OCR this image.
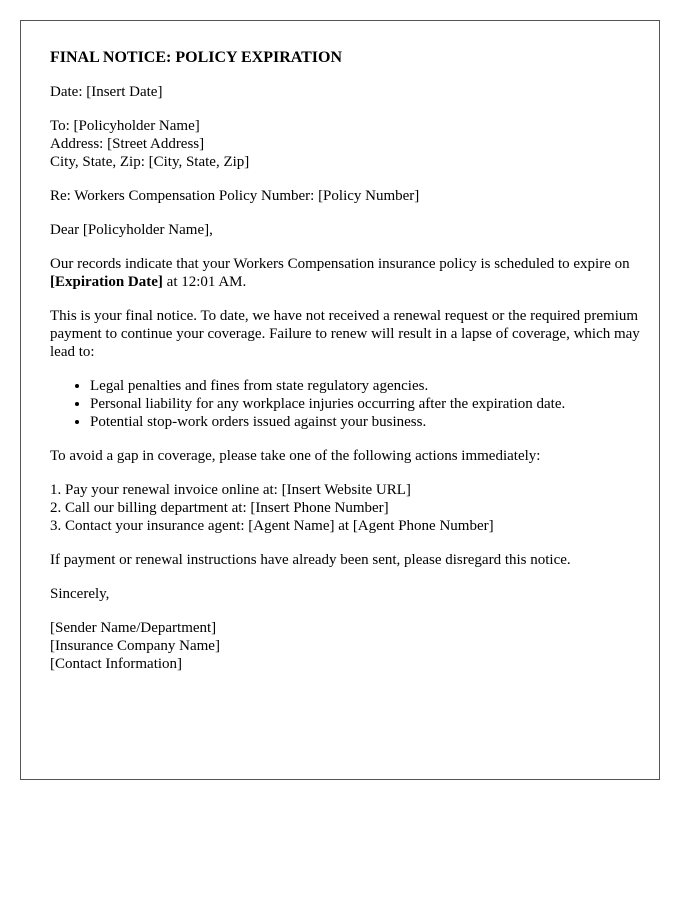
FINAL NOTICE: POLICY EXPIRATION

Date: [Insert Date]

To: [Policyholder Name]
Address: [Street Address]
City, State, Zip: [City, State, Zip]

Re: Workers Compensation Policy Number: [Policy Number]

Dear [Policyholder Name],

Our records indicate that your Workers Compensation insurance policy is scheduled to expire on [Expiration Date] at 12:01 AM.

This is your final notice. To date, we have not received a renewal request or the required premium payment to continue your coverage. Failure to renew will result in a lapse of coverage, which may lead to:

• Legal penalties and fines from state regulatory agencies.
• Personal liability for any workplace injuries occurring after the expiration date.
• Potential stop-work orders issued against your business.

To avoid a gap in coverage, please take one of the following actions immediately:

1. Pay your renewal invoice online at: [Insert Website URL]
2. Call our billing department at: [Insert Phone Number]
3. Contact your insurance agent: [Agent Name] at [Agent Phone Number]

If payment or renewal instructions have already been sent, please disregard this notice.

Sincerely,

[Sender Name/Department]
[Insurance Company Name]
[Contact Information]
